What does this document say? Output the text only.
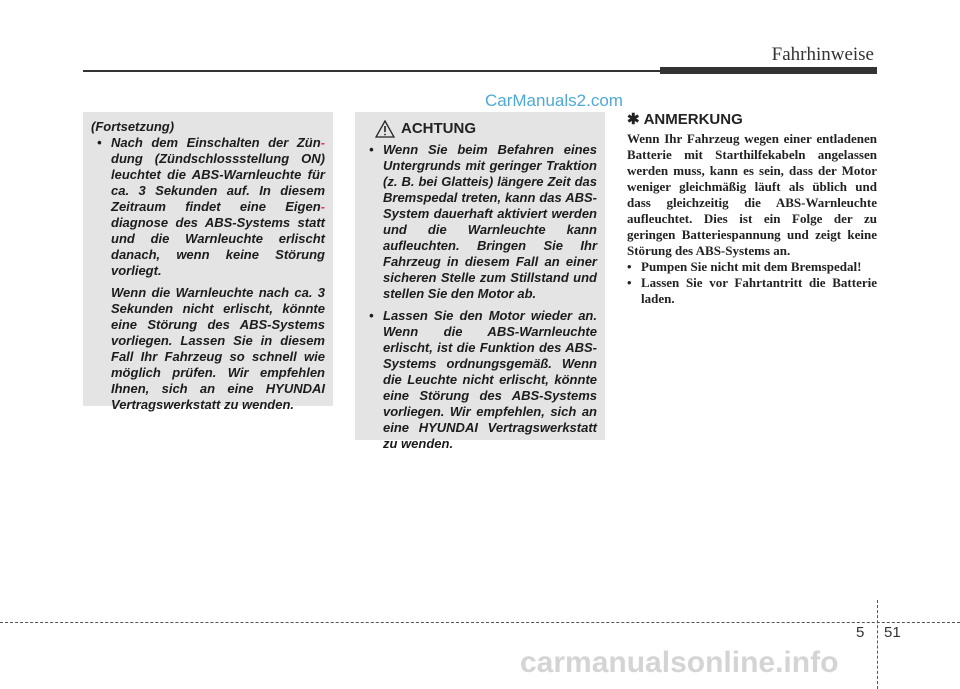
Fahrhinweise
CarManuals2.com

(Fortsetzung)

• Nach dem Einschalten der Zün- dung (Zündschlossstellung ON) leuchtet die ABS-Warnleuchte für ca. 3 Sekunden auf. In diesem Zeitraum findet eine Eigen- diagnose des ABS-Systems statt und die Warnleuchte erlischt danach, wenn keine Störung vorliegt.

Wenn die Warnleuchte nach ca. 3 Sekunden nicht erlischt, könnte eine Störung des ABS-Systems vorliegen. Lassen Sie in diesem Fall Ihr Fahrzeug so schnell wie möglich prüfen. Wir empfehlen Ihnen, sich an eine HYUNDAI Vertragswerkstatt zu wenden.

ACHTUNG

• Wenn Sie beim Befahren eines Untergrunds mit geringer Traktion (z. B. bei Glatteis) längere Zeit das Bremspedal treten, kann das ABS-System dauerhaft aktiviert werden und die Warnleuchte kann aufleuchten. Bringen Sie Ihr Fahrzeug in diesem Fall an einer sicheren Stelle zum Stillstand und stellen Sie den Motor ab.

• Lassen Sie den Motor wieder an. Wenn die ABS-Warnleuchte erlischt, ist die Funktion des ABS-Systems ordnungsgemäß. Wenn die Leuchte nicht erlischt, könnte eine Störung des ABS-Systems vorliegen. Wir empfehlen, sich an eine HYUNDAI Vertragswerkstatt zu wenden.

✱ ANMERKUNG

Wenn Ihr Fahrzeug wegen einer entladenen Batterie mit Starthilfekabeln angelassen werden muss, kann es sein, dass der Motor weniger gleichmäßig läuft als üblich und dass gleichzeitig die ABS-Warnleuchte aufleuchtet. Dies ist ein Folge der zu geringen Batteriespannung und zeigt keine Störung des ABS-Systems an.

• Pumpen Sie nicht mit dem Bremspedal!
• Lassen Sie vor Fahrtantritt die Batterie laden.
5 51
carmanualsonline.info
